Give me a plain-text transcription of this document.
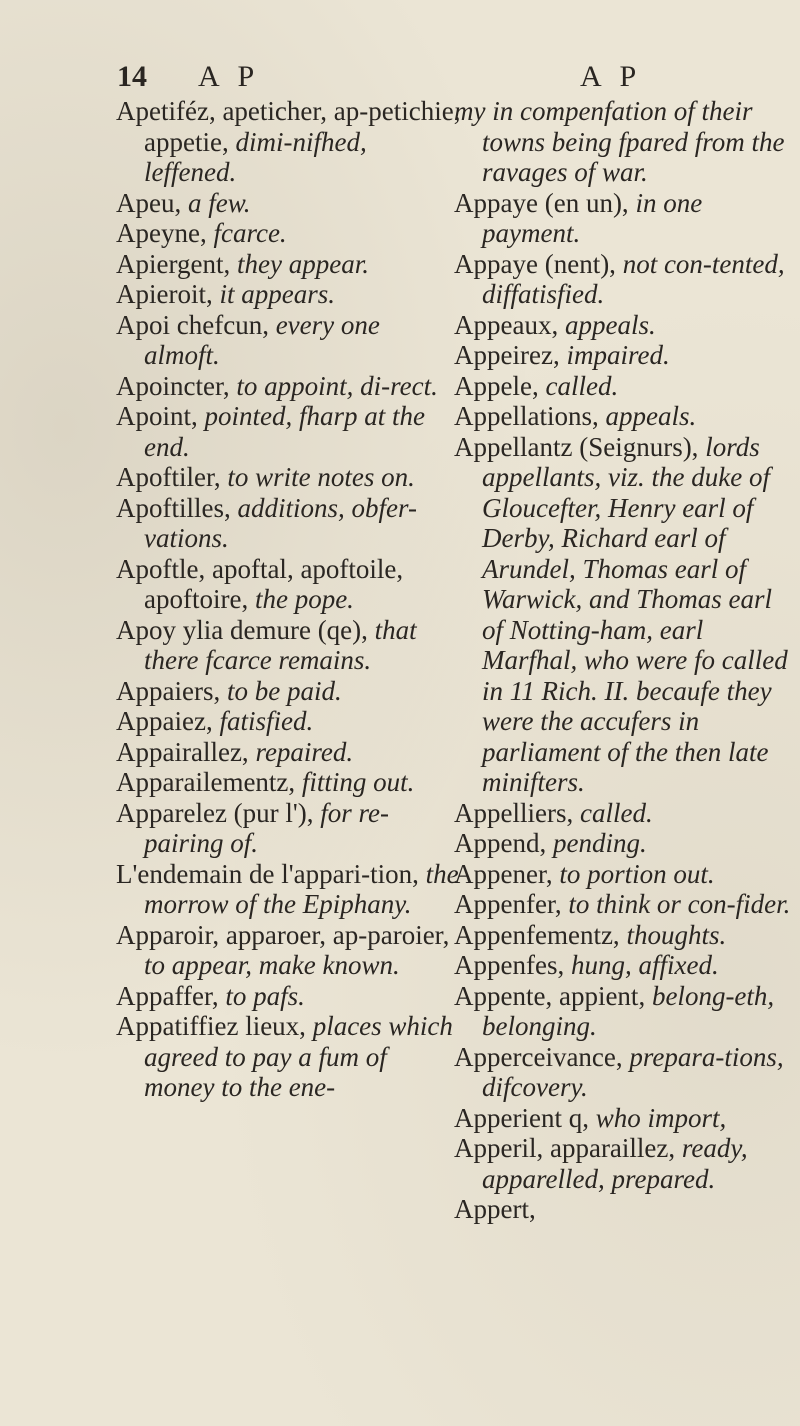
14 A P	A P

Apetiféz, apeticher, ap-petichie, appetie, dimi-nifhed, leffened.

Apeu, a few.

Apeyne, fcarce.

Apiergent, they appear.

Apieroit, it appears.

Apoi chefcun, every one almoft.

Apoincter, to appoint, di-rect.

Apoint, pointed, fharp at the end.

Apoftiler, to write notes on.

Apoftilles, additions, obfer-vations.

Apoftle, apoftal, apoftoile, apoftoire, the pope.

Apoy ylia demure (qe), that there fcarce remains.

Appaiers, to be paid.

Appaiez, fatisfied.

Appairallez, repaired.

Apparailementz, fitting out.

Apparelez (pur l'), for re-pairing of.

L'endemain de l'appari-tion, the morrow of the Epiphany.

Apparoir, apparoer, ap-paroier, to appear, make known.

Appaffer, to pafs.

Appatiffiez lieux, places which agreed to pay a fum of money to the ene-

my in compenfation of their towns being fpared from the ravages of war.

Appaye (en un), in one payment.

Appaye (nent), not con-tented, diffatisfied.

Appeaux, appeals.

Appeirez, impaired.

Appele, called.

Appellations, appeals.

Appellantz (Seignurs), lords appellants, viz. the duke of Gloucefter, Henry earl of Derby, Richard earl of Arundel, Thomas earl of Warwick, and Thomas earl of Notting-ham, earl Marfhal, who were fo called in 11 Rich. II. becaufe they were the accufers in parliament of the then late minifters.

Appelliers, called.

Append, pending.

Appener, to portion out.

Appenfer, to think or con-fider.

Appenfementz, thoughts.

Appenfes, hung, affixed.

Appente, appient, belong-eth, belonging.

Apperceivance, prepara-tions, difcovery.

Apperient q, who import,

Apperil, apparaillez, ready, apparelled, prepared.

Appert,
